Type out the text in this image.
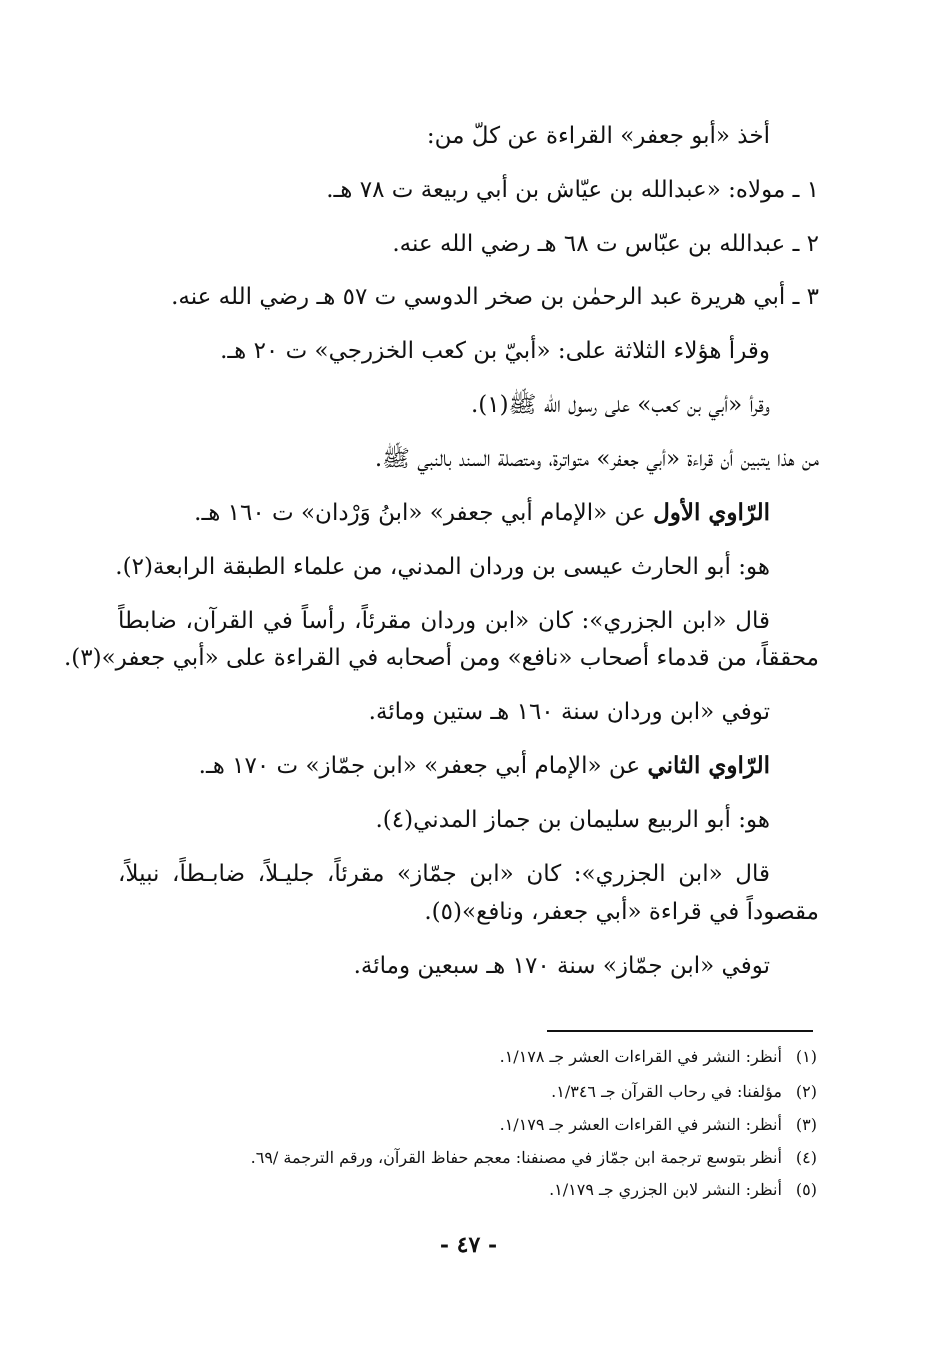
أخذ «أبو جعفر» القراءة عن كلّ من:
١ ـ مولاه: «عبدالله بن عيّاش بن أبي ربيعة ت ٧٨ هـ.
٢ ـ عبدالله بن عبّاس ت ٦٨ هـ رضي الله عنه.
٣ ـ أبي هريرة عبد الرحمٰن بن صخر الدوسي ت ٥٧ هـ رضي الله عنه.
وقرأ هؤلاء الثلاثة على: «أبيّ بن كعب الخزرجي» ت ٢٠ هـ.
وقرأ «أبي بن كعب» على رسول الله ﷺ(١).
من هذا يتبين أن قراءة «أبي جعفر» متواترة، ومتصلة السند بالنبي ﷺ.
الرّاوي الأول عن «الإمام أبي جعفر» «ابنُ وَرْدان» ت ١٦٠ هـ.
هو: أبو الحارث عيسى بن وردان المدني، من علماء الطبقة الرابعة(٢).
قال «ابن الجزري»: كان «ابن وردان مقرئاً، رأساً في القرآن، ضابطاً
محققاً، من قدماء أصحاب «نافع» ومن أصحابه في القراءة على «أبي جعفر»(٣).
توفي «ابن وردان سنة ١٦٠ هـ ستين ومائة.
الرّاوي الثاني عن «الإمام أبي جعفر» «ابن جمّاز» ت ١٧٠ هـ.
هو: أبو الربيع سليمان بن جماز المدني(٤).
قال «ابن الجزري»: كان «ابن جمّاز» مقرئاً، جليـلاً، ضابـطاً، نبيلاً،
مقصوداً في قراءة «أبي جعفر، ونافع»(٥).
توفي «ابن جمّاز» سنة ١٧٠ هـ سبعين ومائة.
(١) أنظر: النشر في القراءات العشر جـ ١/١٧٨.
(٢) مؤلفنا: في رحاب القرآن جـ ١/٣٤٦.
(٣) أنظر: النشر في القراءات العشر جـ ١/١٧٩.
(٤) أنظر بتوسع ترجمة ابن جمّاز في مصنفنا: معجم حفاظ القرآن، ورقم الترجمة /٦٩.
(٥) أنظر: النشر لابن الجزري جـ ١/١٧٩.
- ٤٧ -
